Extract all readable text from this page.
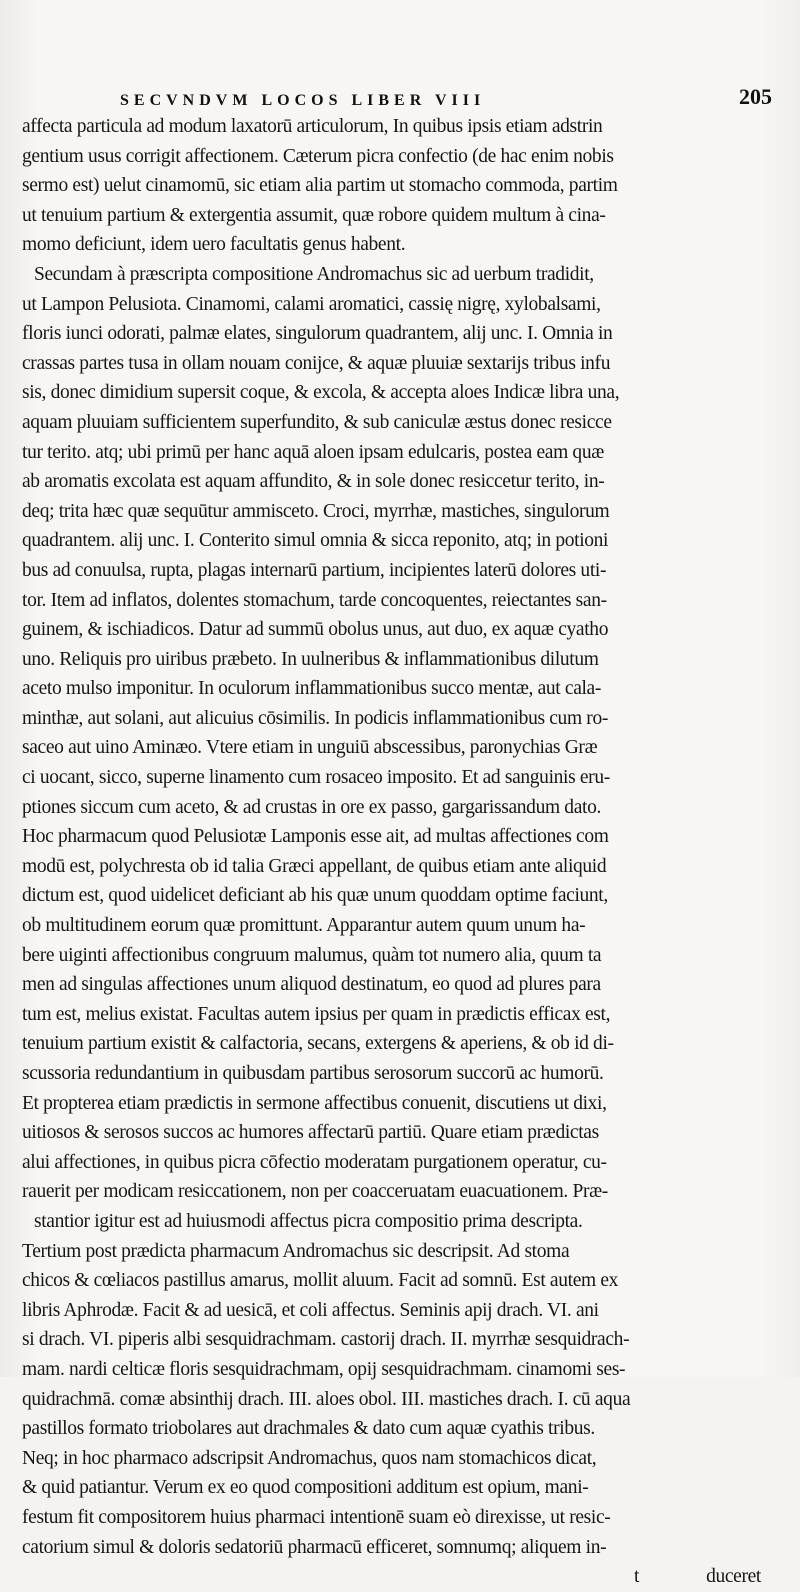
SECVNDVM LOCOS LIBER VIII	205
affecta particula ad modum laxatorū articulorum, In quibus ipsis etiam adstrin
gentium usus corrigit affectionem. Cæterum picra confectio (de hac enim nobis
sermo est) uelut cinamomū, sic etiam alia partim ut stomacho commoda, partim
ut tenuium partium & extergentia assumit, quæ robore quidem multum à cina-
momo deficiunt, idem uero facultatis genus habent.
Secundam à præscripta compositione Andromachus sic ad uerbum tradidit,
ut Lampon Pelusiota. Cinamomi, calami aromatici, cassię nigrę, xylobalsami,
floris iunci odorati, palmæ elates, singulorum quadrantem, alij unc. I. Omnia in
crassas partes tusa in ollam nouam conijce, & aquæ pluuiæ sextarijs tribus infu
sis, donec dimidium supersit coque, & excola, & accepta aloes Indicæ libra una,
aquam pluuiam sufficientem superfundito, & sub caniculæ æstus donec resicce
tur terito. atq; ubi primū per hanc aquā aloen ipsam edulcaris, postea eam quæ
ab aromatis excolata est aquam affundito, & in sole donec resiccetur terito, in-
deq; trita hæc quæ sequūtur ammisceto. Croci, myrrhæ, mastiches, singulorum
quadrantem. alij unc. I. Conterito simul omnia & sicca reponito, atq; in potioni
bus ad conuulsa, rupta, plagas internarū partium, incipientes laterū dolores uti-
tor. Item ad inflatos, dolentes stomachum, tarde concoquentes, reiectantes san-
guinem, & ischiadicos. Datur ad summū obolus unus, aut duo, ex aquæ cyatho
uno. Reliquis pro uiribus præbeto. In uulneribus & inflammationibus dilutum
aceto mulso imponitur. In oculorum inflammationibus succo mentæ, aut cala-
minthæ, aut solani, aut alicuius cōsimilis. In podicis inflammationibus cum ro-
saceo aut uino Aminæo. Vtere etiam in unguiū abscessibus, paronychias Græ
ci uocant, sicco, superne linamento cum rosaceo imposito. Et ad sanguinis eru-
ptiones siccum cum aceto, & ad crustas in ore ex passo, gargarissandum dato.
Hoc pharmacum quod Pelusiotæ Lamponis esse ait, ad multas affectiones com
modū est, polychresta ob id talia Græci appellant, de quibus etiam ante aliquid
dictum est, quod uidelicet deficiant ab his quæ unum quoddam optime faciunt,
ob multitudinem eorum quæ promittunt. Apparantur autem quum unum ha-
bere uiginti affectionibus congruum malumus, quàm tot numero alia, quum ta
men ad singulas affectiones unum aliquod destinatum, eo quod ad plures para
tum est, melius existat. Facultas autem ipsius per quam in prædictis efficax est,
tenuium partium existit & calfactoria, secans, extergens & aperiens, & ob id di-
scussoria redundantium in quibusdam partibus serosorum succorū ac humorū.
Et propterea etiam prædictis in sermone affectibus conuenit, discutiens ut dixi,
uitiosos & serosos succos ac humores affectarū partiū. Quare etiam prædictas
alui affectiones, in quibus picra cōfectio moderatam purgationem operatur, cu-
rauerit per modicam resiccationem, non per coacceruatam euacuationem. Præ-
stantior igitur est ad huiusmodi affectus picra compositio prima descripta.
Tertium post prædicta pharmacum Andromachus sic descripsit. Ad stoma
chicos & cœliacos pastillus amarus, mollit aluum. Facit ad somnū. Est autem ex
libris Aphrodæ. Facit & ad uesicā, et coli affectus. Seminis apij drach. VI. ani
si drach. VI. piperis albi sesquidrachmam. castorij drach. II. myrrhæ sesquidrach-
mam. nardi celticæ floris sesquidrachmam, opij sesquidrachmam. cinamomi ses-
quidrachmā. comæ absinthij drach. III. aloes obol. III. mastiches drach. I. cū aqua
pastillos formato triobolares aut drachmales & dato cum aquæ cyathis tribus.
Neq; in hoc pharmaco adscripsit Andromachus, quos nam stomachicos dicat,
& quid patiantur. Verum ex eo quod compositioni additum est opium, mani-
festum fit compositorem huius pharmaci intentionē suam eò direxisse, ut resic-
catorium simul & doloris sedatoriū pharmacū efficeret, somnumq; aliquem in-
t	duceret
